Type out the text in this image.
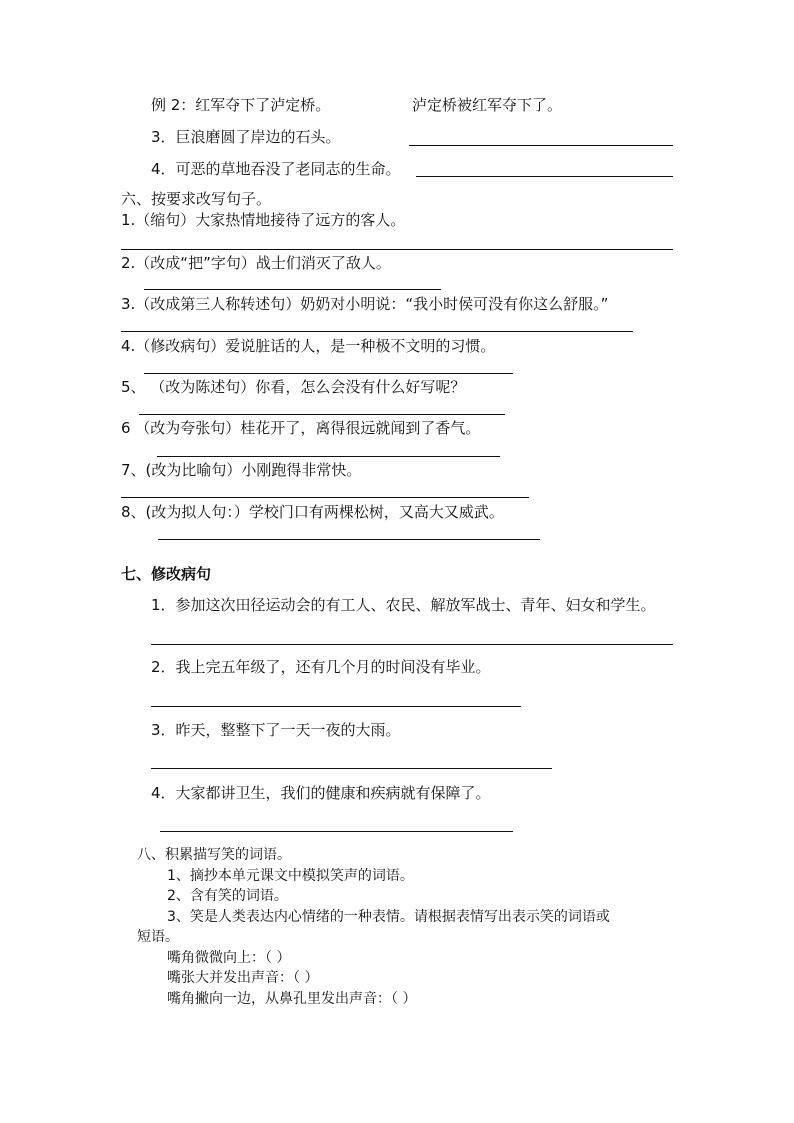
例 2：红军夺下了泸定桥。	泸定桥被红军夺下了。
3．巨浪磨圆了岸边的石头。
4．可恶的草地吞没了老同志的生命。
六、按要求改写句子。
1.（缩句）大家热情地接待了远方的客人。
2.（改成“把”字句）战士们消灭了敌人。
3.（改成第三人称转述句）奶奶对小明说：“我小时侯可没有你这么舒服。”
4.（修改病句）爱说脏话的人，是一种极不文明的习惯。
5、 （改为陈述句）你看，怎么会没有什么好写呢？
6 （改为夸张句）桂花开了，离得很远就闻到了香气。
7、(改为比喻句）小刚跑得非常快。
8、(改为拟人句：）学校门口有两棵松树，又高大又威武。
七、修改病句
1．参加这次田径运动会的有工人、农民、解放军战士、青年、妇女和学生。
2．我上完五年级了，还有几个月的时间没有毕业。
3．昨天，整整下了一天一夜的大雨。
4．大家都讲卫生，我们的健康和疾病就有保障了。
八、积累描写笑的词语。
1、摘抄本单元课文中模拟笑声的词语。
2、含有笑的词语。
3、笑是人类表达内心情绪的一种表情。请根据表情写出表示笑的词语或
短语。
嘴角微微向上：（ ）
嘴张大并发出声音：（ ）
嘴角撇向一边，从鼻孔里发出声音：（ ）
